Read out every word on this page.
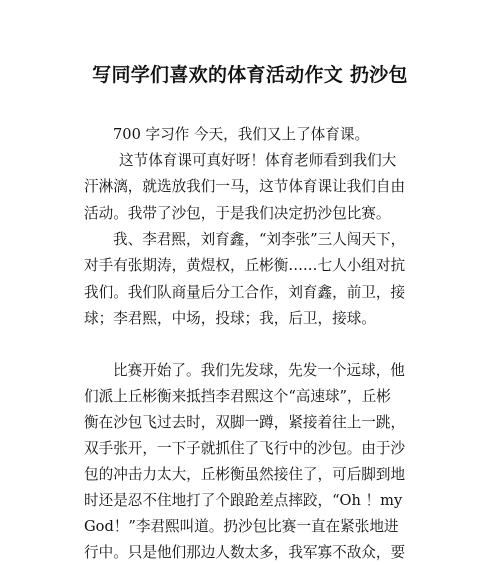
写同学们喜欢的体育活动作文 扔沙包
700 字习作 今天，我们又上了体育课。
这节体育课可真好呀！体育老师看到我们大
汗淋漓，就选放我们一马，这节体育课让我们自由
活动。我带了沙包，于是我们决定扔沙包比赛。
我、李君熙，刘育鑫，“刘李张”三人闯天下，
对手有张期涛，黄煜权，丘彬衡……七人小组对抗
我们。我们队商量后分工合作，刘育鑫，前卫，接
球；李君熙，中场，投球；我，后卫，接球。
比赛开始了。我们先发球，先发一个远球，他
们派上丘彬衡来抵挡李君熙这个“高速球”，丘彬
衡在沙包飞过去时，双脚一蹲，紧接着往上一跳，
双手张开，一下子就抓住了飞行中的沙包。由于沙
包的冲击力太大，丘彬衡虽然接住了，可后脚到地
时还是忍不住地打了个踉跄差点摔跤，“Oh ！my
God！”李君熙叫道。扔沙包比赛一直在紧张地进
行中。只是他们那边人数太多，我军寡不敌众，要
